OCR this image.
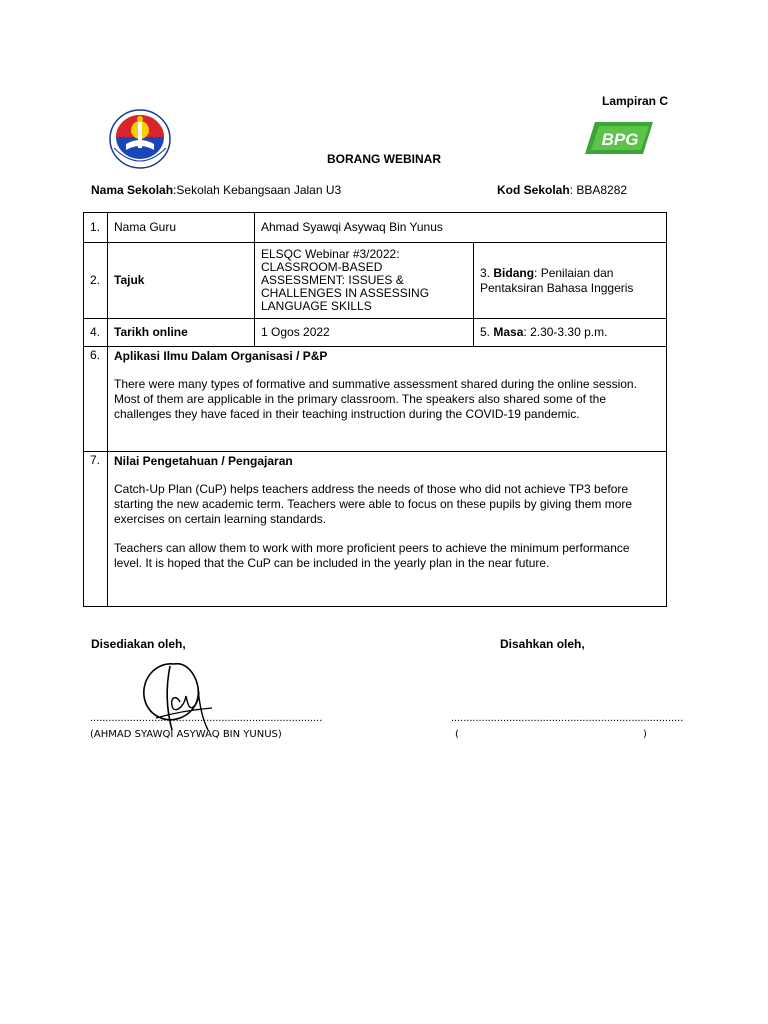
BPG
Lampiran C
BORANG WEBINAR
Nama Sekolah:Sekolah Kebangsaan Jalan U3	Kod Sekolah: BBA8282
1.	Nama Guru	Ahmad Syawqi Asywaq Bin Yunus	
2.	Tajuk	ELSQC Webinar #3/2022: CLASSROOM-BASED ASSESSMENT: ISSUES & CHALLENGES IN ASSESSING LANGUAGE SKILLS	3. Bidang: Penilaian dan Pentaksiran Bahasa Inggeris
4.	Tarikh online	1 Ogos 2022	5. Masa: 2.30-3.30 p.m.
6.	Aplikasi Ilmu Dalam Organisasi / P&P
There were many types of formative and summative assessment shared during the online session. Most of them are applicable in the primary classroom. The speakers also shared some of the challenges they have faced in their teaching instruction during the COVID-19 pandemic.		

7.	Nilai Pengetahuan / Pengajaran
Catch-Up Plan (CuP) helps teachers address the needs of those who did not achieve TP3 before starting the new academic term. Teachers were able to focus on these pupils by giving them more exercises on certain learning standards.
Teachers can allow them to work with more proficient peers to achieve the minimum performance level. It is hoped that the CuP can be included in the yearly plan in the near future.		
Disediakan oleh,	Disahkan oleh,
............................................................................	............................................................................
(AHMAD SYAWQI ASYWAQ BIN YUNUS)	(	)
